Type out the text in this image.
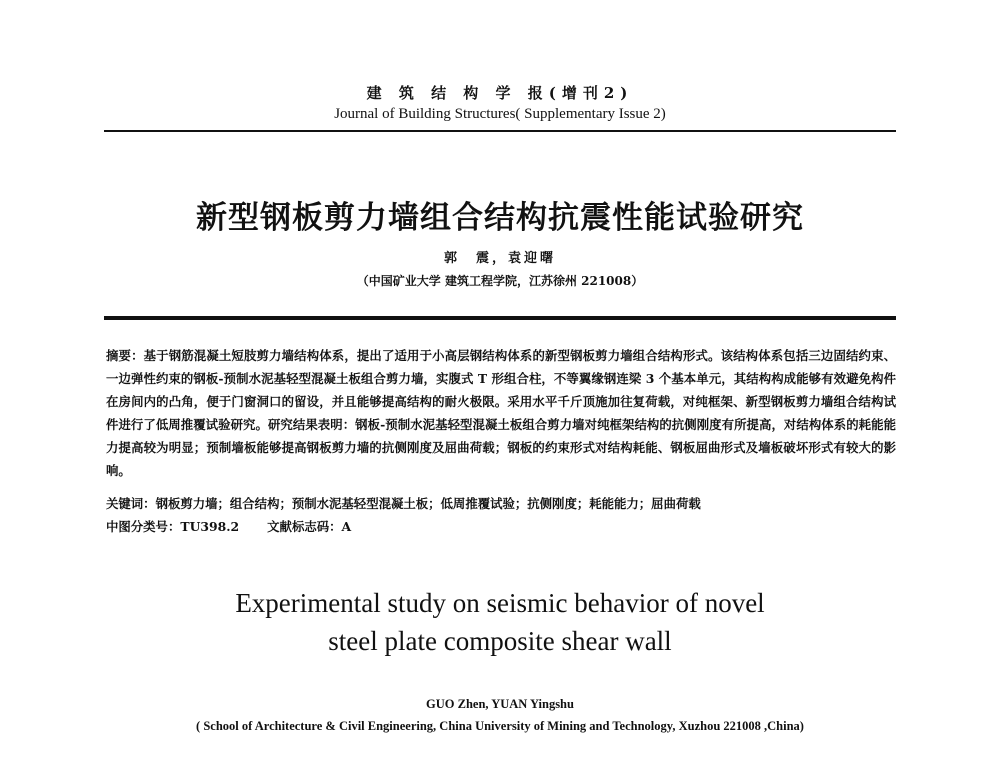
建 筑 结 构 学 报(增刊2)
Journal of Building Structures( Supplementary Issue 2)
新型钢板剪力墙组合结构抗震性能试验研究
郭　震，袁迎曙
（中国矿业大学 建筑工程学院，江苏徐州 221008）
摘要：基于钢筋混凝土短肢剪力墙结构体系，提出了适用于小高层钢结构体系的新型钢板剪力墙组合结构形式。该结构体系包括三边固结约束、一边弹性约束的钢板-预制水泥基轻型混凝土板组合剪力墙，实腹式 T 形组合柱，不等翼缘钢连梁 3 个基本单元，其结构构成能够有效避免构件在房间内的凸角，便于门窗洞口的留设，并且能够提高结构的耐火极限。采用水平千斤顶施加往复荷载，对纯框架、新型钢板剪力墙组合结构试件进行了低周推覆试验研究。研究结果表明：钢板-预制水泥基轻型混凝土板组合剪力墙对纯框架结构的抗侧刚度有所提高，对结构体系的耗能能力提高较为明显；预制墙板能够提高钢板剪力墙的抗侧刚度及屈曲荷载；钢板的约束形式对结构耗能、钢板屈曲形式及墙板破坏形式有较大的影响。
关键词：钢板剪力墙；组合结构；预制水泥基轻型混凝土板；低周推覆试验；抗侧刚度；耗能能力；屈曲荷载
中图分类号：TU398.2 文献标志码：A
Experimental study on seismic behavior of novel
steel plate composite shear wall
GUO Zhen, YUAN Yingshu
( School of Architecture & Civil Engineering, China University of Mining and Technology, Xuzhou 221008 ,China)
